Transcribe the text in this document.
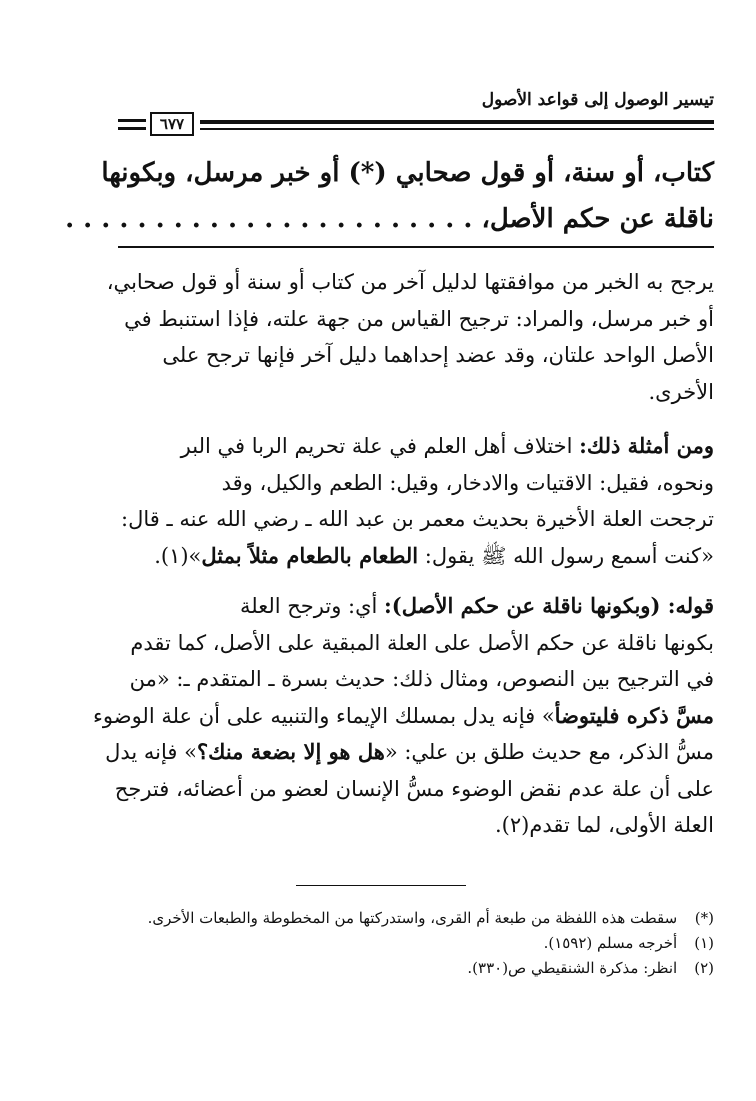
تيسير الوصول إلى قواعد الأصول
٦٧٧
كتاب، أو سنة، أو قول صحابي (*) أو خبر مرسل، وبكونها
ناقلة عن حكم الأصل، . . . . . . . . . . . . . . . . . . . . . . .
يرجح به الخبر من موافقتها لدليل آخر من كتاب أو سنة أو قول صحابي،
أو خبر مرسل، والمراد: ترجيح القياس من جهة علته، فإذا استنبط في
الأصل الواحد علتان، وقد عضد إحداهما دليل آخر فإنها ترجح على
الأخرى.
ومن أمثلة ذلك: اختلاف أهل العلم في علة تحريم الربا في البر
ونحوه، فقيل: الاقتيات والادخار، وقيل: الطعم والكيل، وقد
ترجحت العلة الأخيرة بحديث معمر بن عبد الله ـ رضي الله عنه ـ قال:
«كنت أسمع رسول الله ﷺ يقول: الطعام بالطعام مثلاً بمثل»(١).
قوله: (وبكونها ناقلة عن حكم الأصل): أي: وترجح العلة
بكونها ناقلة عن حكم الأصل على العلة المبقية على الأصل، كما تقدم
في الترجيح بين النصوص، ومثال ذلك: حديث بسرة ـ المتقدم ـ: «من
مسَّ ذكره فليتوضأ» فإنه يدل بمسلك الإيماء والتنبيه على أن علة الوضوء
مسُّ الذكر، مع حديث طلق بن علي: «هل هو إلا بضعة منك؟» فإنه يدل
على أن علة عدم نقض الوضوء مسُّ الإنسان لعضو من أعضائه، فترجح
العلة الأولى، لما تقدم(٢).
(*) سقطت هذه اللفظة من طبعة أم القرى، واستدركتها من المخطوطة والطبعات الأخرى.
(١) أخرجه مسلم (١٥٩٢).
(٢) انظر: مذكرة الشنقيطي ص(٣٣٠).
